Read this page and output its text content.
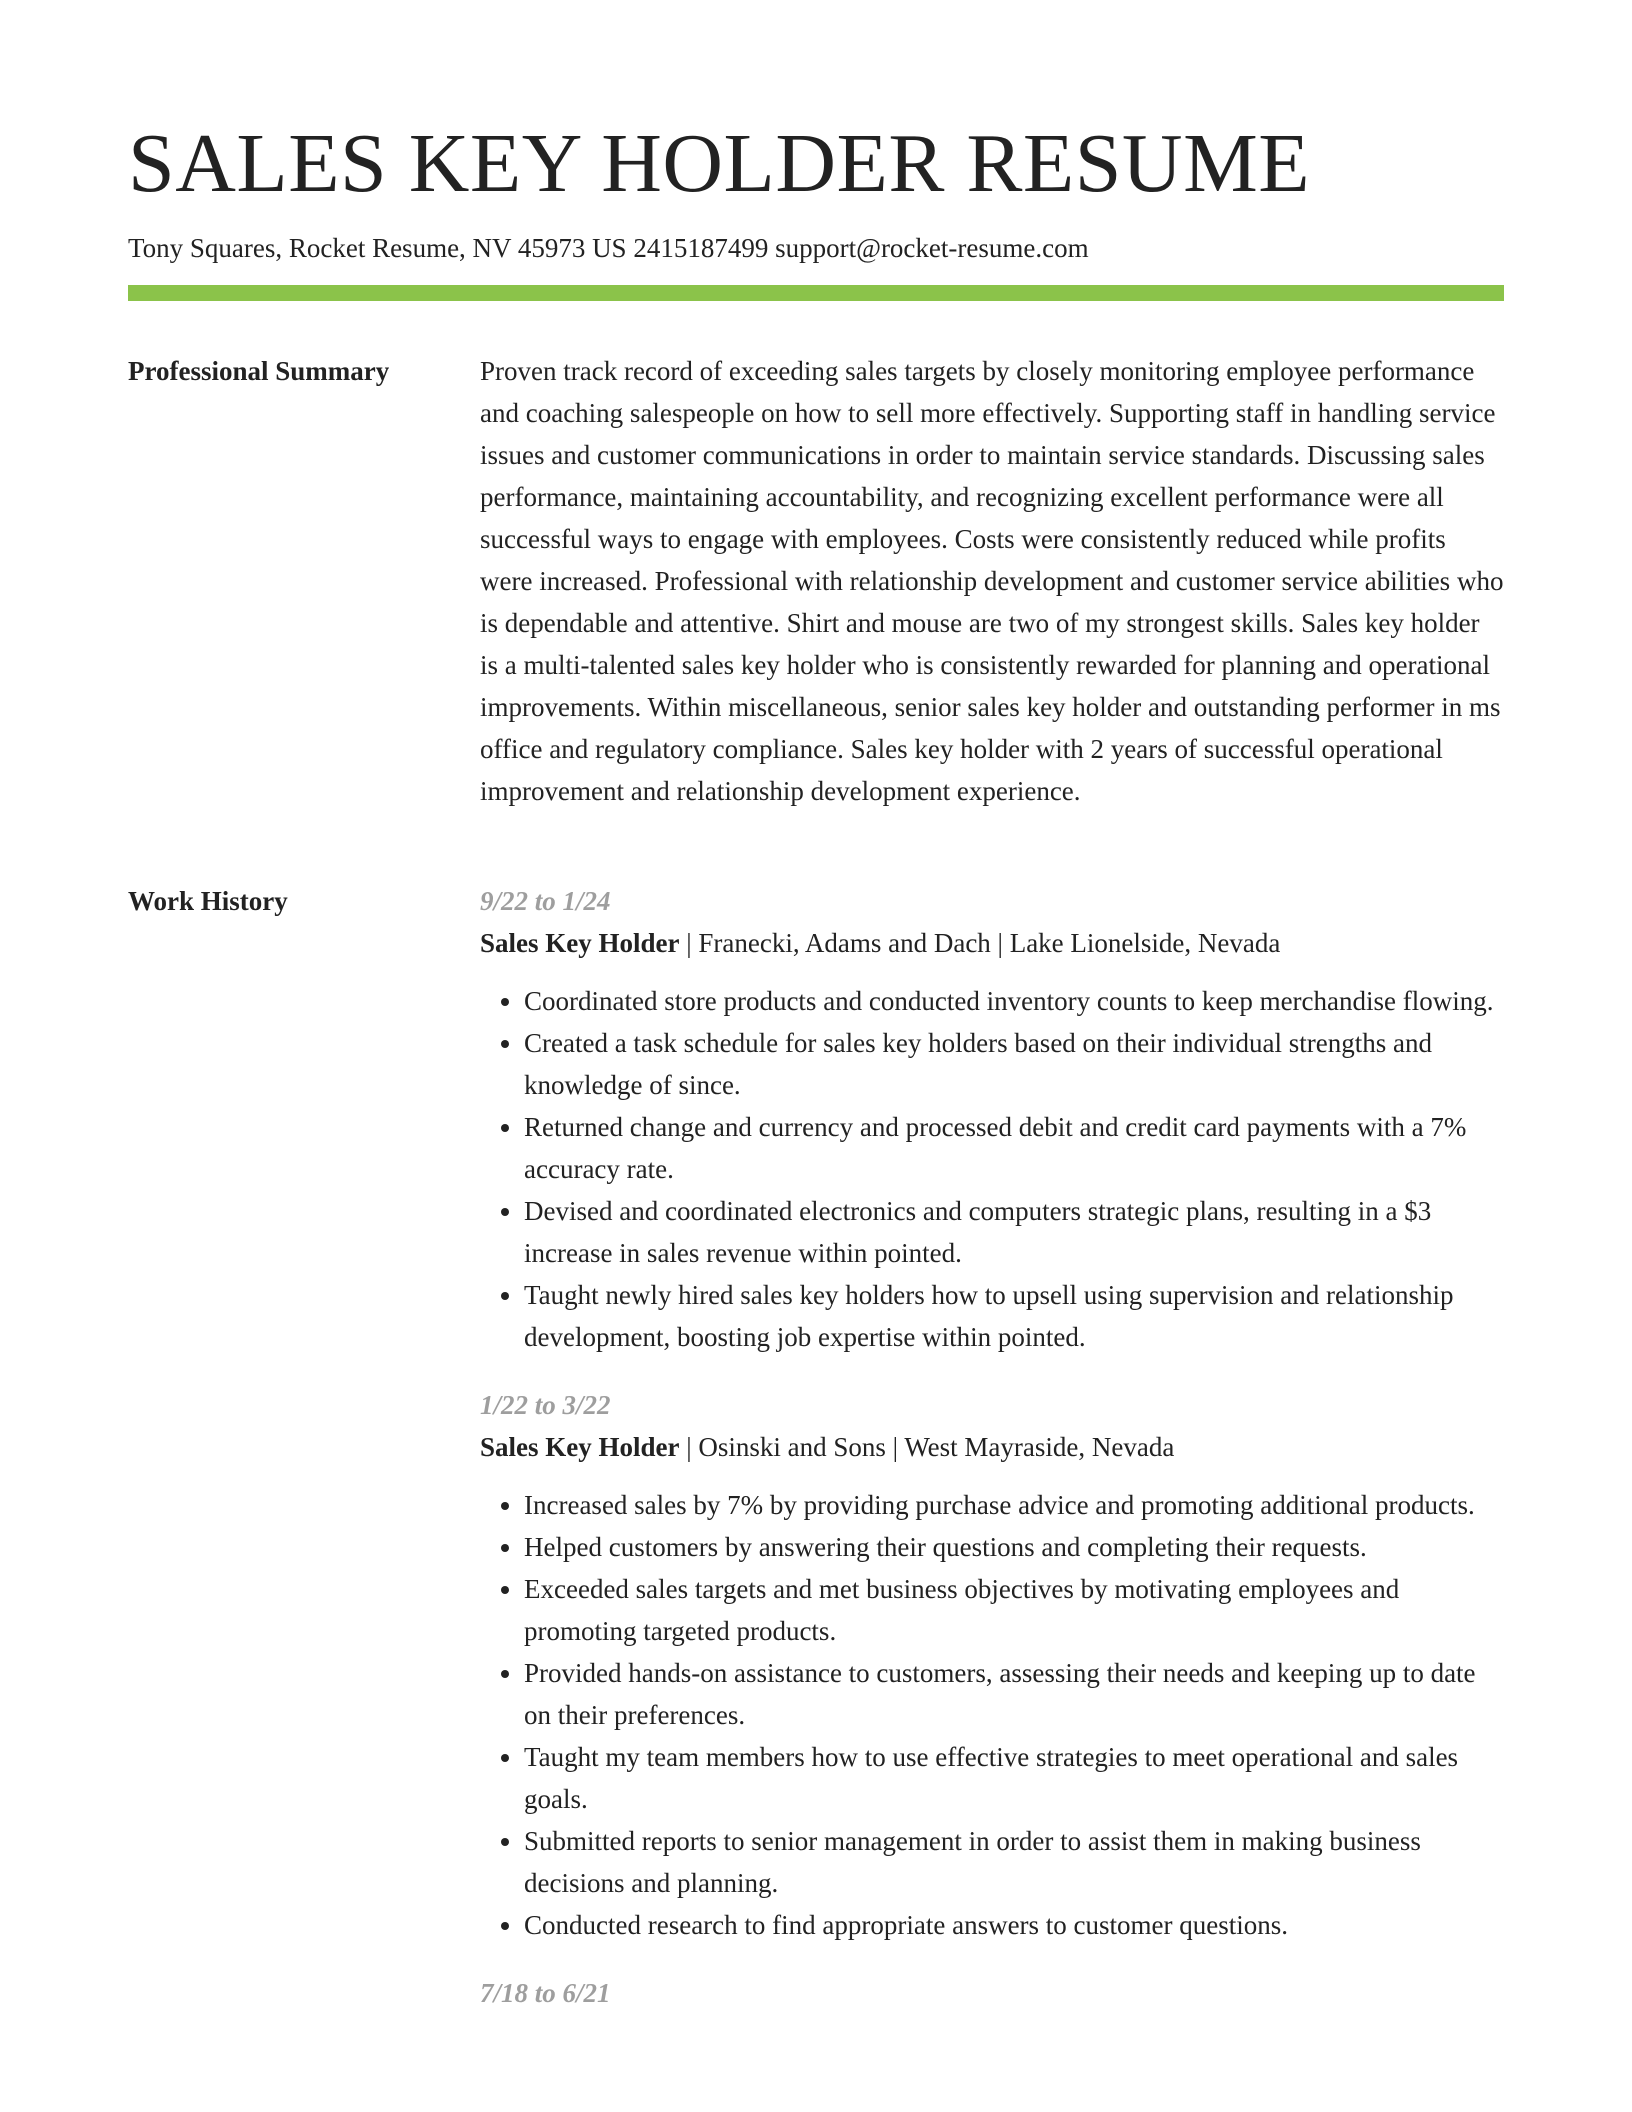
SALES KEY HOLDER RESUME
Tony Squares, Rocket Resume, NV 45973 US 2415187499 support@rocket-resume.com
Professional Summary	Proven track record of exceeding sales targets by closely monitoring employee performance and coaching salespeople on how to sell more effectively. Supporting staff in handling service issues and customer communications in order to maintain service standards. Discussing sales performance, maintaining accountability, and recognizing excellent performance were all successful ways to engage with employees. Costs were consistently reduced while profits were increased. Professional with relationship development and customer service abilities who is dependable and attentive. Shirt and mouse are two of my strongest skills. Sales key holder is a multi-talented sales key holder who is consistently rewarded for planning and operational improvements. Within miscellaneous, senior sales key holder and outstanding performer in ms office and regulatory compliance. Sales key holder with 2 years of successful operational improvement and relationship development experience.

Work History	9/22 to 1/24
Sales Key Holder | Franecki, Adams and Dach | Lake Lionelside, Nevada
• Coordinated store products and conducted inventory counts to keep merchandise flowing.
• Created a task schedule for sales key holders based on their individual strengths and knowledge of since.
• Returned change and currency and processed debit and credit card payments with a 7% accuracy rate.
• Devised and coordinated electronics and computers strategic plans, resulting in a $3 increase in sales revenue within pointed.
• Taught newly hired sales key holders how to upsell using supervision and relationship development, boosting job expertise within pointed.
1/22 to 3/22
Sales Key Holder | Osinski and Sons | West Mayraside, Nevada
• Increased sales by 7% by providing purchase advice and promoting additional products.
• Helped customers by answering their questions and completing their requests.
• Exceeded sales targets and met business objectives by motivating employees and promoting targeted products.
• Provided hands-on assistance to customers, assessing their needs and keeping up to date on their preferences.
• Taught my team members how to use effective strategies to meet operational and sales goals.
• Submitted reports to senior management in order to assist them in making business decisions and planning.
• Conducted research to find appropriate answers to customer questions.
7/18 to 6/21
